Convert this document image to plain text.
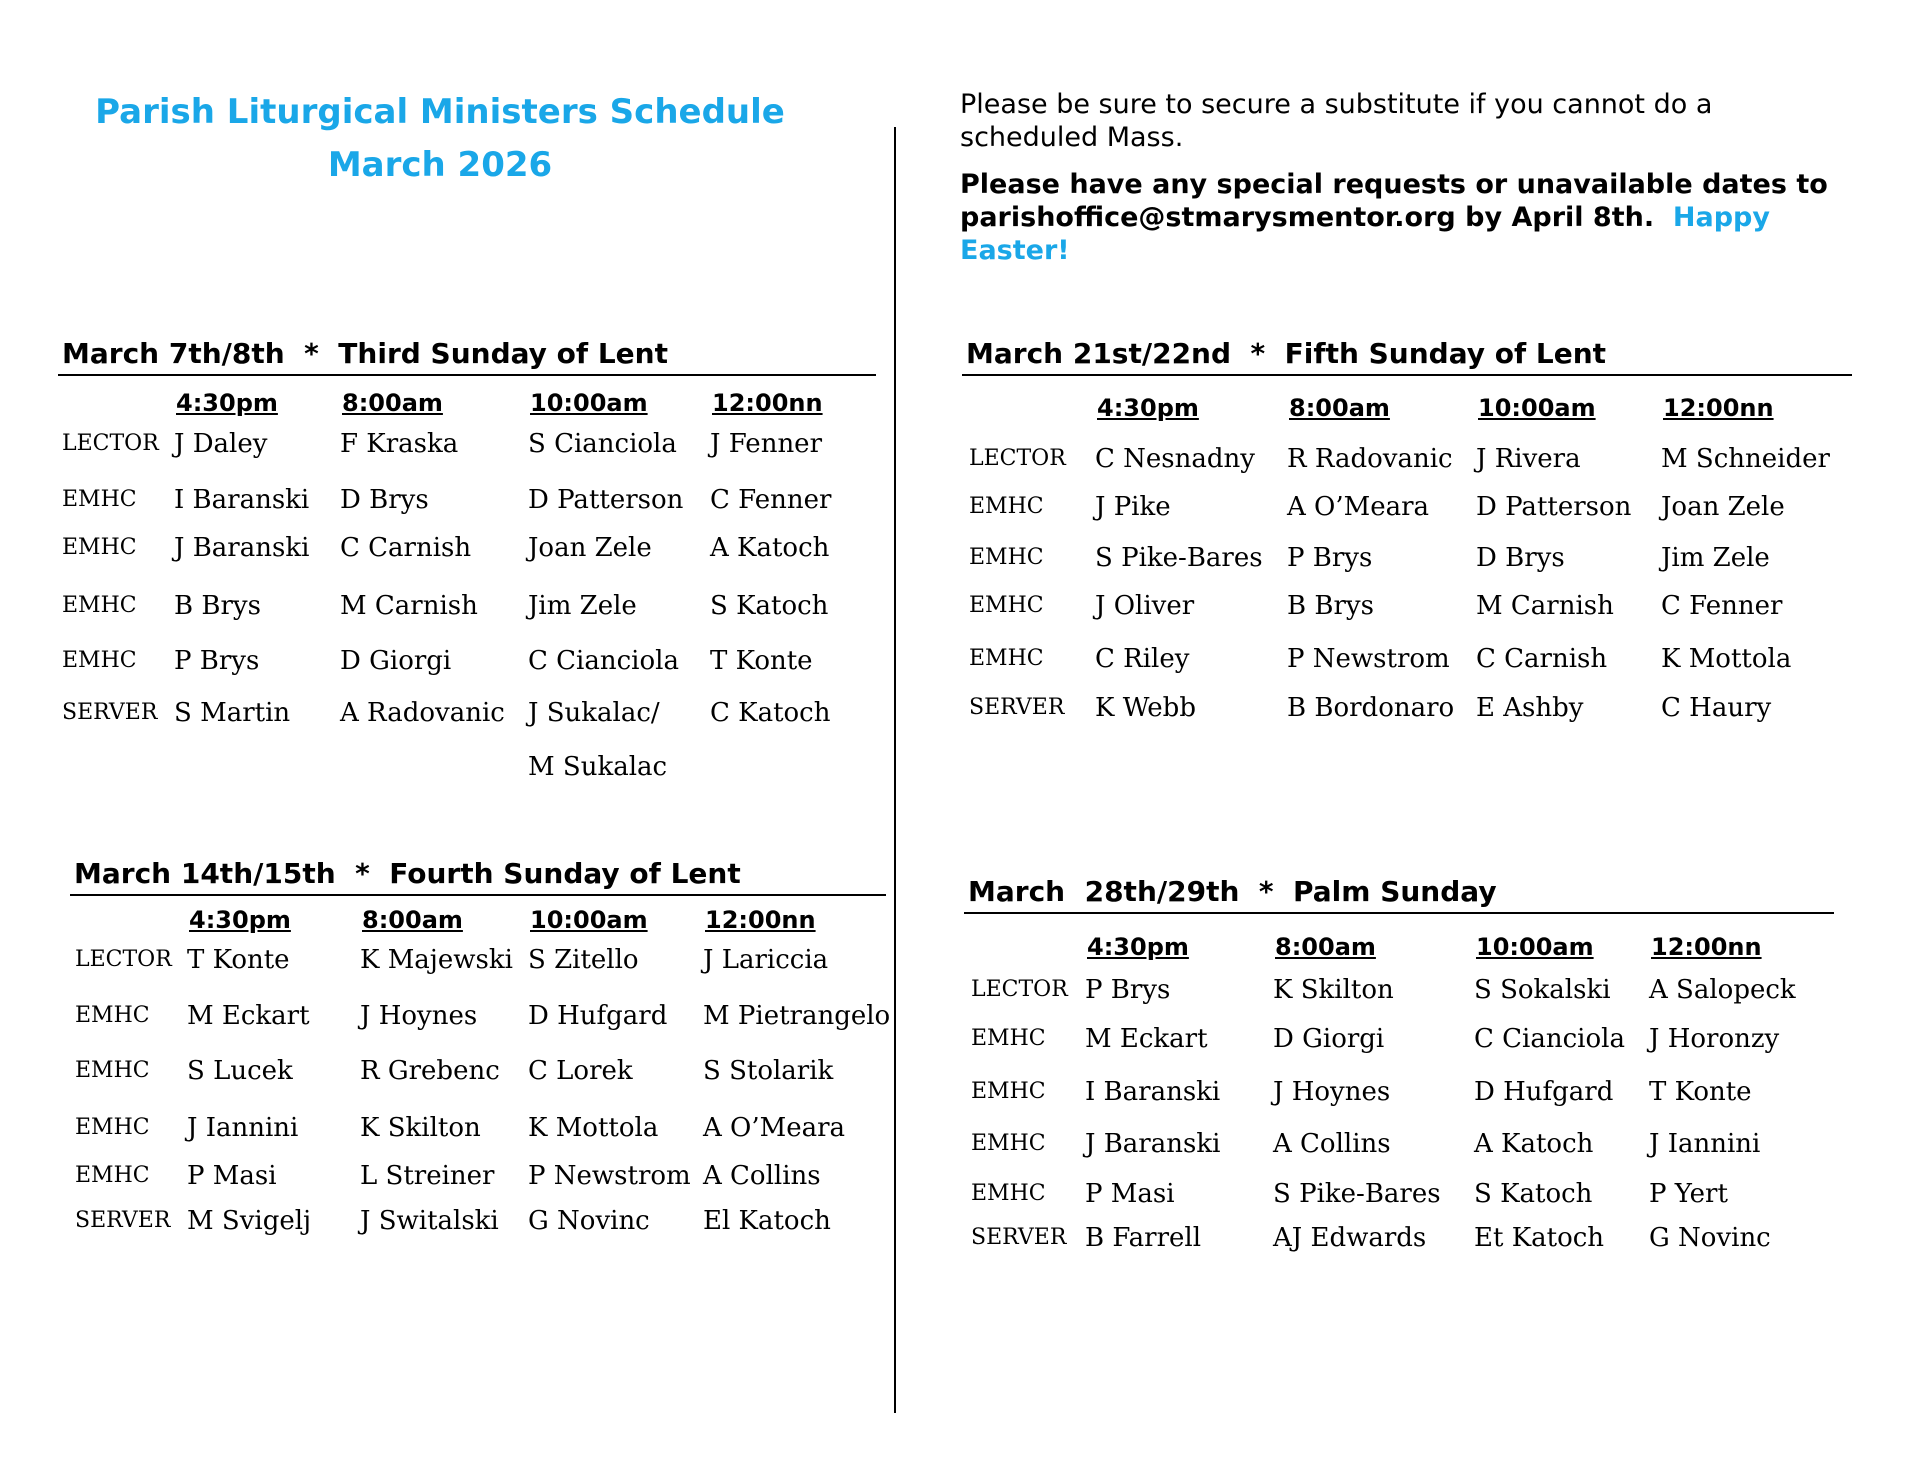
Parish Liturgical Ministers Schedule
March 2026
Please be sure to secure a substitute if you cannot do a
scheduled Mass.
Please have any special requests or unavailable dates to
parishoffice@stmarysmentor.org by April 8th. Happy Easter!
March 7th/8th  *  Third Sunday of Lent
4:30pm	8:00am	10:00am	12:00nn
LECTOR J Daley	F Kraska	S Cianciola J Fenner
EMHC I Baranski D Brys	D Patterson C Fenner
EMHC J Baranski C Carnish Joan Zele A Katoch
EMHC B Brys	M Carnish Jim Zele	S Katoch
EMHC P Brys	D Giorgi	C Cianciola T Konte
SERVER S Martin A Radovanic J Sukalac/ C Katoch
M Sukalac
March 14th/15th  *  Fourth Sunday of Lent
4:30pm	8:00am	10:00am 12:00nn
LECTOR T Konte	K Majewski S Zitello J Lariccia
EMHC M Eckart J Hoynes D Hufgard M Pietrangelo
EMHC S Lucek	R Grebenc C Lorek	S Stolarik
EMHC J Iannini K Skilton K Mottola A O’Meara
EMHC P Masi	L Streiner P Newstrom A Collins
SERVER M Svigelj J Switalski G Novinc El Katoch
March 21st/22nd  *  Fifth Sunday of Lent
4:30pm	8:00am	10:00am	12:00nn
LECTOR C Nesnadny R Radovanic J Rivera	M Schneider
EMHC J Pike	A O’Meara D Patterson Joan Zele
EMHC S Pike-Bares P Brys	D Brys	Jim Zele
EMHC J Oliver	B Brys	M Carnish C Fenner
EMHC C Riley	P Newstrom C Carnish K Mottola
SERVER K Webb	B Bordonaro E Ashby	C Haury
March  28th/29th  *  Palm Sunday
4:30pm	8:00am	10:00am 12:00nn
LECTOR P Brys	K Skilton	S Sokalski A Salopeck
EMHC M Eckart	D Giorgi	C Cianciola J Horonzy
EMHC I Baranski J Hoynes	D Hufgard T Konte
EMHC J Baranski A Collins	A Katoch J Iannini
EMHC P Masi	S Pike-Bares S Katoch P Yert
SERVER B Farrell	AJ Edwards Et Katoch G Novinc
